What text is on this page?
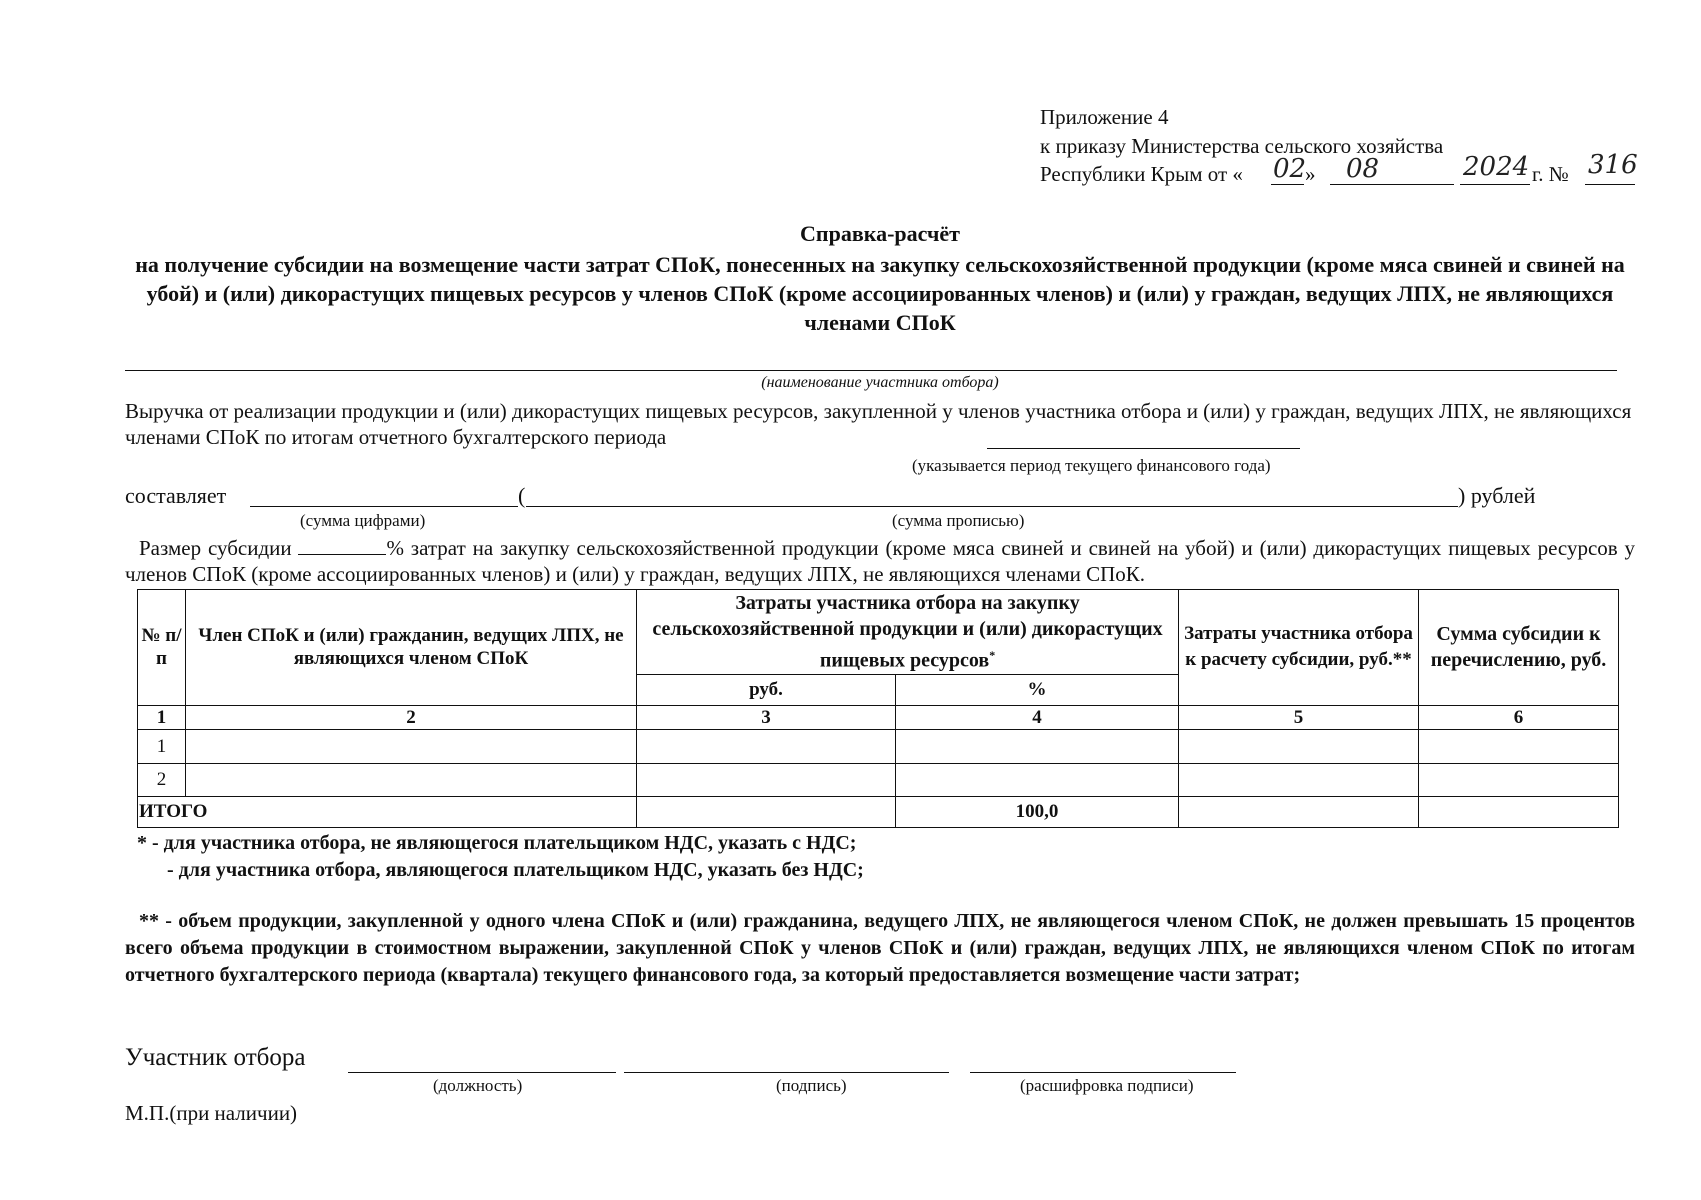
Приложение 4
к приказу Министерства сельского хозяйства
Республики Крым от « 02
» 08	2024 г. № 316
Справка-расчёт
на получение субсидии на возмещение части затрат СПоК, понесенных на закупку сельскохозяйственной продукции (кроме мяса свиней и свиней на убой) и (или) дикорастущих пищевых ресурсов у членов СПоК (кроме ассоциированных членов) и (или) у граждан, ведущих ЛПХ, не являющихся членами СПоК
(наименование участника отбора)
Выручка от реализации продукции и (или) дикорастущих пищевых ресурсов, закупленной у членов участника отбора и (или) у граждан, ведущих ЛПХ, не являющихся членами СПоК по итогам отчетного бухгалтерского периода
(указывается период текущего финансового года)
составляет	(	) рублей
(сумма цифрами)	(сумма прописью)
Размер субсидии	% затрат на закупку сельскохозяйственной продукции (кроме мяса свиней и свиней на убой) и (или) дикорастущих пищевых ресурсов у членов СПоК (кроме ассоциированных членов) и (или) у граждан, ведущих ЛПХ, не являющихся членами СПоК.
№ п/п	Член СПоК и (или) гражданин, ведущих ЛПХ, не являющихся членом СПоК	Затраты участника отбора на закупку сельскохозяйственной продукции и (или) дикорастущих пищевых ресурсов*		Затраты участника отбора к расчету субсидии, руб.**	Сумма субсидии к перечислению, руб.
		руб.	%		
1	2	3	4	5	6
1					
2					
ИТОГО			100,0		
* - для участника отбора, не являющегося плательщиком НДС, указать с НДС;
- для участника отбора, являющегося плательщиком НДС, указать без НДС;
** - объем продукции, закупленной у одного члена СПоК и (или) гражданина, ведущего ЛПХ, не являющегося членом СПоК, не должен превышать 15 процентов всего объема продукции в стоимостном выражении, закупленной СПоК у членов СПоК и (или) граждан, ведущих ЛПХ, не являющихся членом СПоК по итогам отчетного бухгалтерского периода (квартала) текущего финансового года, за который предоставляется возмещение части затрат;
Участник отбора
(должность)	(подпись)	(расшифровка подписи)
М.П.(при наличии)
